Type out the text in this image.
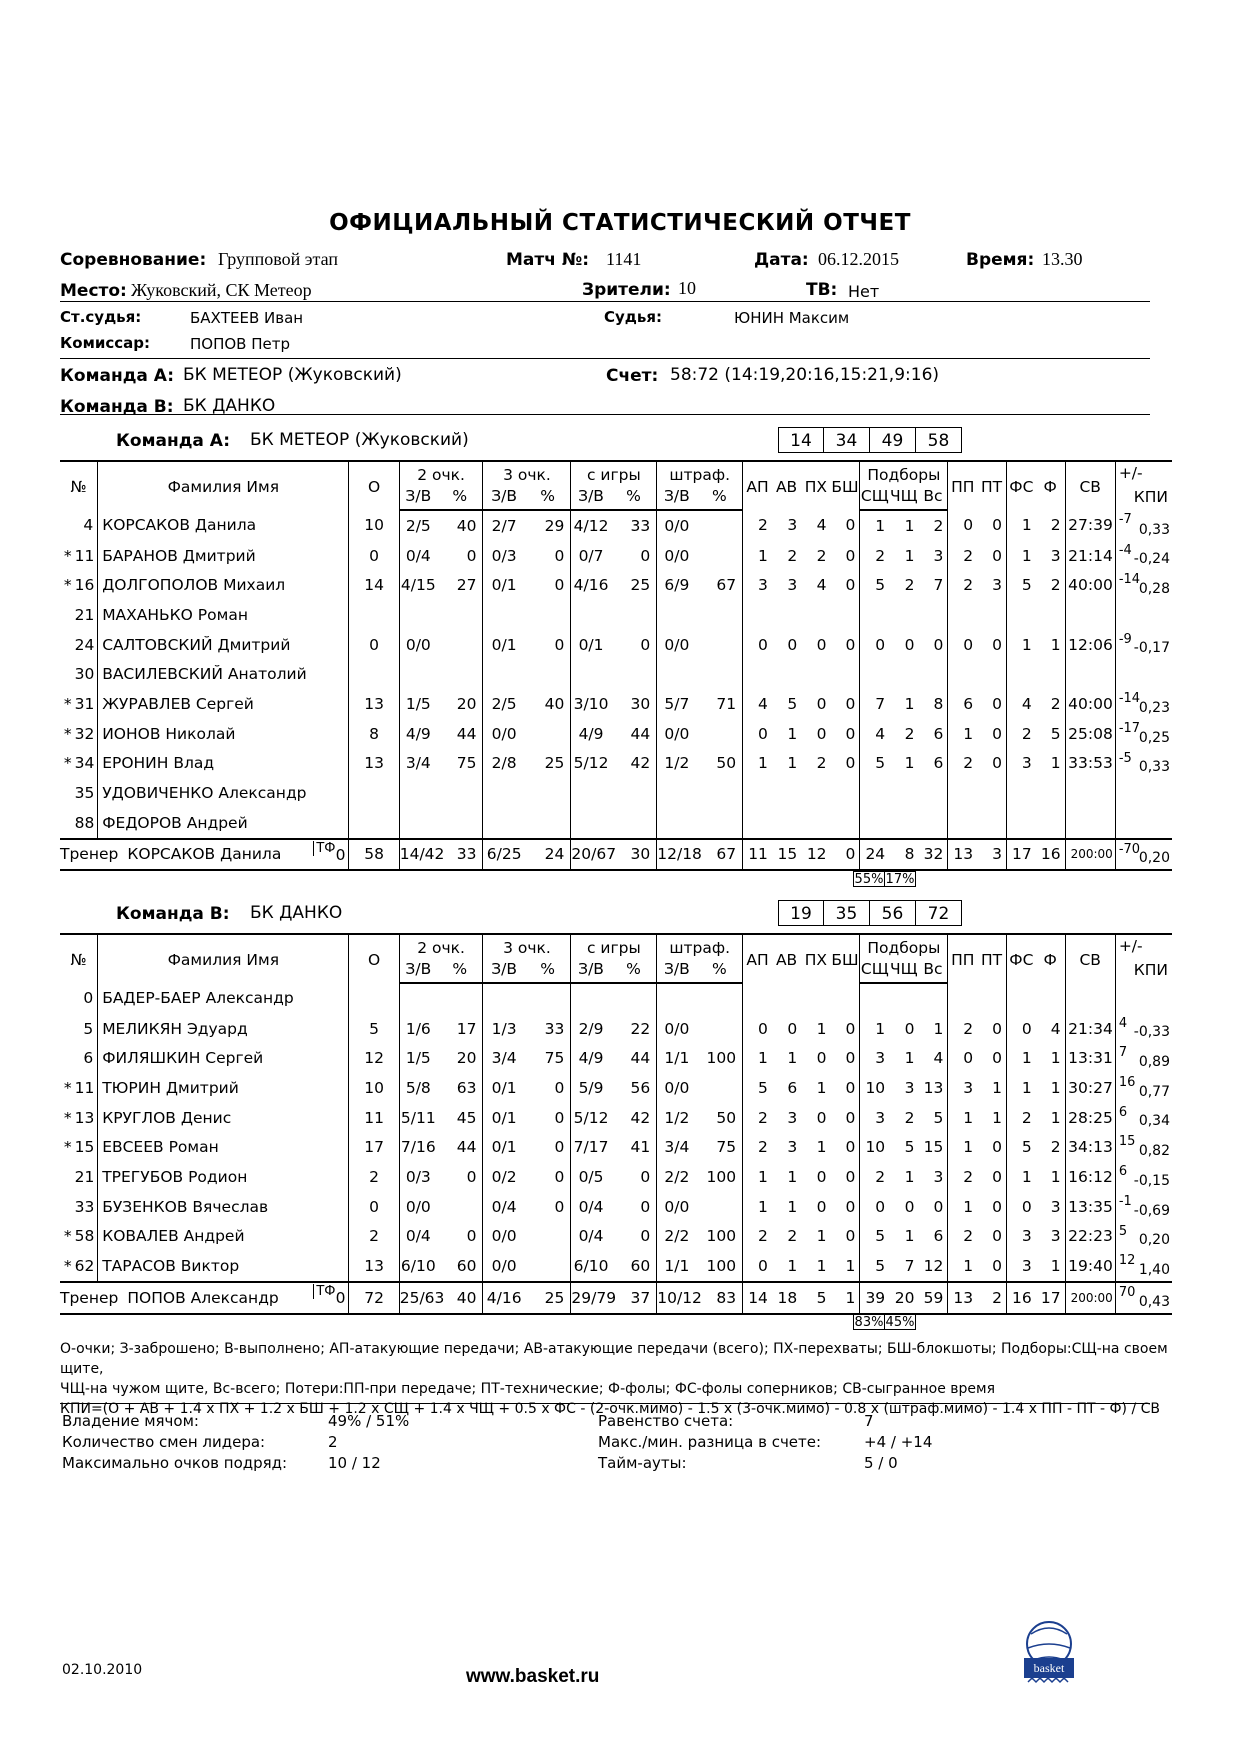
ОФИЦИАЛЬНЫЙ СТАТИСТИЧЕСКИЙ ОТЧЕТ
Соревнование: Групповой этап	Матч №: 1141	Дата: 06.12.2015	Время: 13.30
Место: Жуковский, СК Метеор	Зрители: 10	ТВ: Нет
Ст.судья:	БАХТЕЕВ Иван	Судья:	ЮНИН Максим
Комиссар:	ПОПОВ Петр
Команда A: БК МЕТЕОР (Жуковский)	Счет: 58:72 (14:19,20:16,15:21,9:16)
Команда B: БК ДАНКО
Команда A: БК МЕТЕОР (Жуковский)	14	34	49	58
№		Фамилия Имя	О	2 очк.		3 очк.		с игры		штраф.		АП	АВ	ПХ	БШ	Подборы			ПП	ПТ	ФС	Ф	СВ	+/-
КПИ

				З/В	%	З/В	%	З/В	%	З/В	%					СЩ	ЧЩ	Вс						
	4	КОРСАКОВ Данила	10	2/5	40	2/7	29	4/12	33	0/0		2	3	4	0	1	1	2	0	0	1	2	27:39	-7
0,33

*	11	БАРАНОВ Дмитрий	0	0/4	0	0/3	0	0/7	0	0/0		1	2	2	0	2	1	3	2	0	1	3	21:14	-4
-0,24

*	16	ДОЛГОПОЛОВ Михаил	14	4/15	27	0/1	0	4/16	25	6/9	67	3	3	4	0	5	2	7	2	3	5	2	40:00	-14
0,28

	21	МАХАНЬКО Роман																						

	24	САЛТОВСКИЙ Дмитрий	0	0/0		0/1	0	0/1	0	0/0		0	0	0	0	0	0	0	0	0	1	1	12:06	-9
-0,17

	30	ВАСИЛЕВСКИЙ Анатолий																						

*	31	ЖУРАВЛЕВ Сергей	13	1/5	20	2/5	40	3/10	30	5/7	71	4	5	0	0	7	1	8	6	0	4	2	40:00	-14
0,23

*	32	ИОНОВ Николай	8	4/9	44	0/0		4/9	44	0/0		0	1	0	0	4	2	6	1	0	2	5	25:08	-17
0,25

*	34	ЕРОНИН Влад	13	3/4	75	2/8	25	5/12	42	1/2	50	1	1	2	0	5	1	6	2	0	3	1	33:53	-5
0,33

	35	УДОВИЧЕНКО Александр																						

	88	ФЕДОРОВ Андрей																						

Тренер КОРСАКОВ Данила ТФ 0			58	14/42	33	6/25	24	20/67	30	12/18	67	11	15	12	0	24	8	32	13	3	17	16	200:00	-70
0,20
55% 17%
Команда B: БК ДАНКО	19	35	56	72
№		Фамилия Имя	О	2 очк.		3 очк.		с игры		штраф.		АП	АВ	ПХ	БШ	Подборы			ПП	ПТ	ФС	Ф	СВ	+/-
КПИ

				З/В	%	З/В	%	З/В	%	З/В	%					СЩ	ЧЩ	Вс						
	0	БАДЕР-БАЕР Александр																						

	5	МЕЛИКЯН Эдуард	5	1/6	17	1/3	33	2/9	22	0/0		0	0	1	0	1	0	1	2	0	0	4	21:34	4
-0,33

	6	ФИЛЯШКИН Сергей	12	1/5	20	3/4	75	4/9	44	1/1	100	1	1	0	0	3	1	4	0	0	1	1	13:31	7
0,89

*	11	ТЮРИН Дмитрий	10	5/8	63	0/1	0	5/9	56	0/0		5	6	1	0	10	3	13	3	1	1	1	30:27	16
0,77

*	13	КРУГЛОВ Денис	11	5/11	45	0/1	0	5/12	42	1/2	50	2	3	0	0	3	2	5	1	1	2	1	28:25	6
0,34

*	15	ЕВСЕЕВ Роман	17	7/16	44	0/1	0	7/17	41	3/4	75	2	3	1	0	10	5	15	1	0	5	2	34:13	15
0,82

	21	ТРЕГУБОВ Родион	2	0/3	0	0/2	0	0/5	0	2/2	100	1	1	0	0	2	1	3	2	0	1	1	16:12	6
-0,15

	33	БУЗЕНКОВ Вячеслав	0	0/0		0/4	0	0/4	0	0/0		1	1	0	0	0	0	0	1	0	0	3	13:35	-1
-0,69

*	58	КОВАЛЕВ Андрей	2	0/4	0	0/0		0/4	0	2/2	100	2	2	1	0	5	1	6	2	0	3	3	22:23	5
0,20

*	62	ТАРАСОВ Виктор	13	6/10	60	0/0		6/10	60	1/1	100	0	1	1	1	5	7	12	1	0	3	1	19:40	12
1,40

Тренер ПОПОВ Александр ТФ 0			72	25/63	40	4/16	25	29/79	37	10/12	83	14	18	5	1	39	20	59	13	2	16	17	200:00	70
0,43
83% 45%
О-очки; З-заброшено; В-выполнено; АП-атакующие передачи; АВ-атакующие передачи (всего); ПХ-перехваты; БШ-блокшоты; Подборы:СЩ-на своем щите,
ЧЩ-на чужом щите, Вс-всего; Потери:ПП-при передаче; ПТ-технические; Ф-фолы; ФС-фолы соперников; СВ-сыгранное время
КПИ=(О + АВ + 1.4 x ПХ + 1.2 x БШ + 1.2 x СЩ + 1.4 x ЧЩ + 0.5 x ФС - (2-очк.мимо) - 1.5 x (3-очк.мимо) - 0.8 x (штраф.мимо) - 1.4 x ПП - ПТ - Ф) / СВ
Владение мячом:	49% / 51%
Количество смен лидера:	2
Максимально очков подряд:	10 / 12
Равенство счета:	7
Макс./мин. разница в счете:	+4 / +14
Тайм-ауты:	5 / 0
02.10.2010	www.basket.ru	basket
